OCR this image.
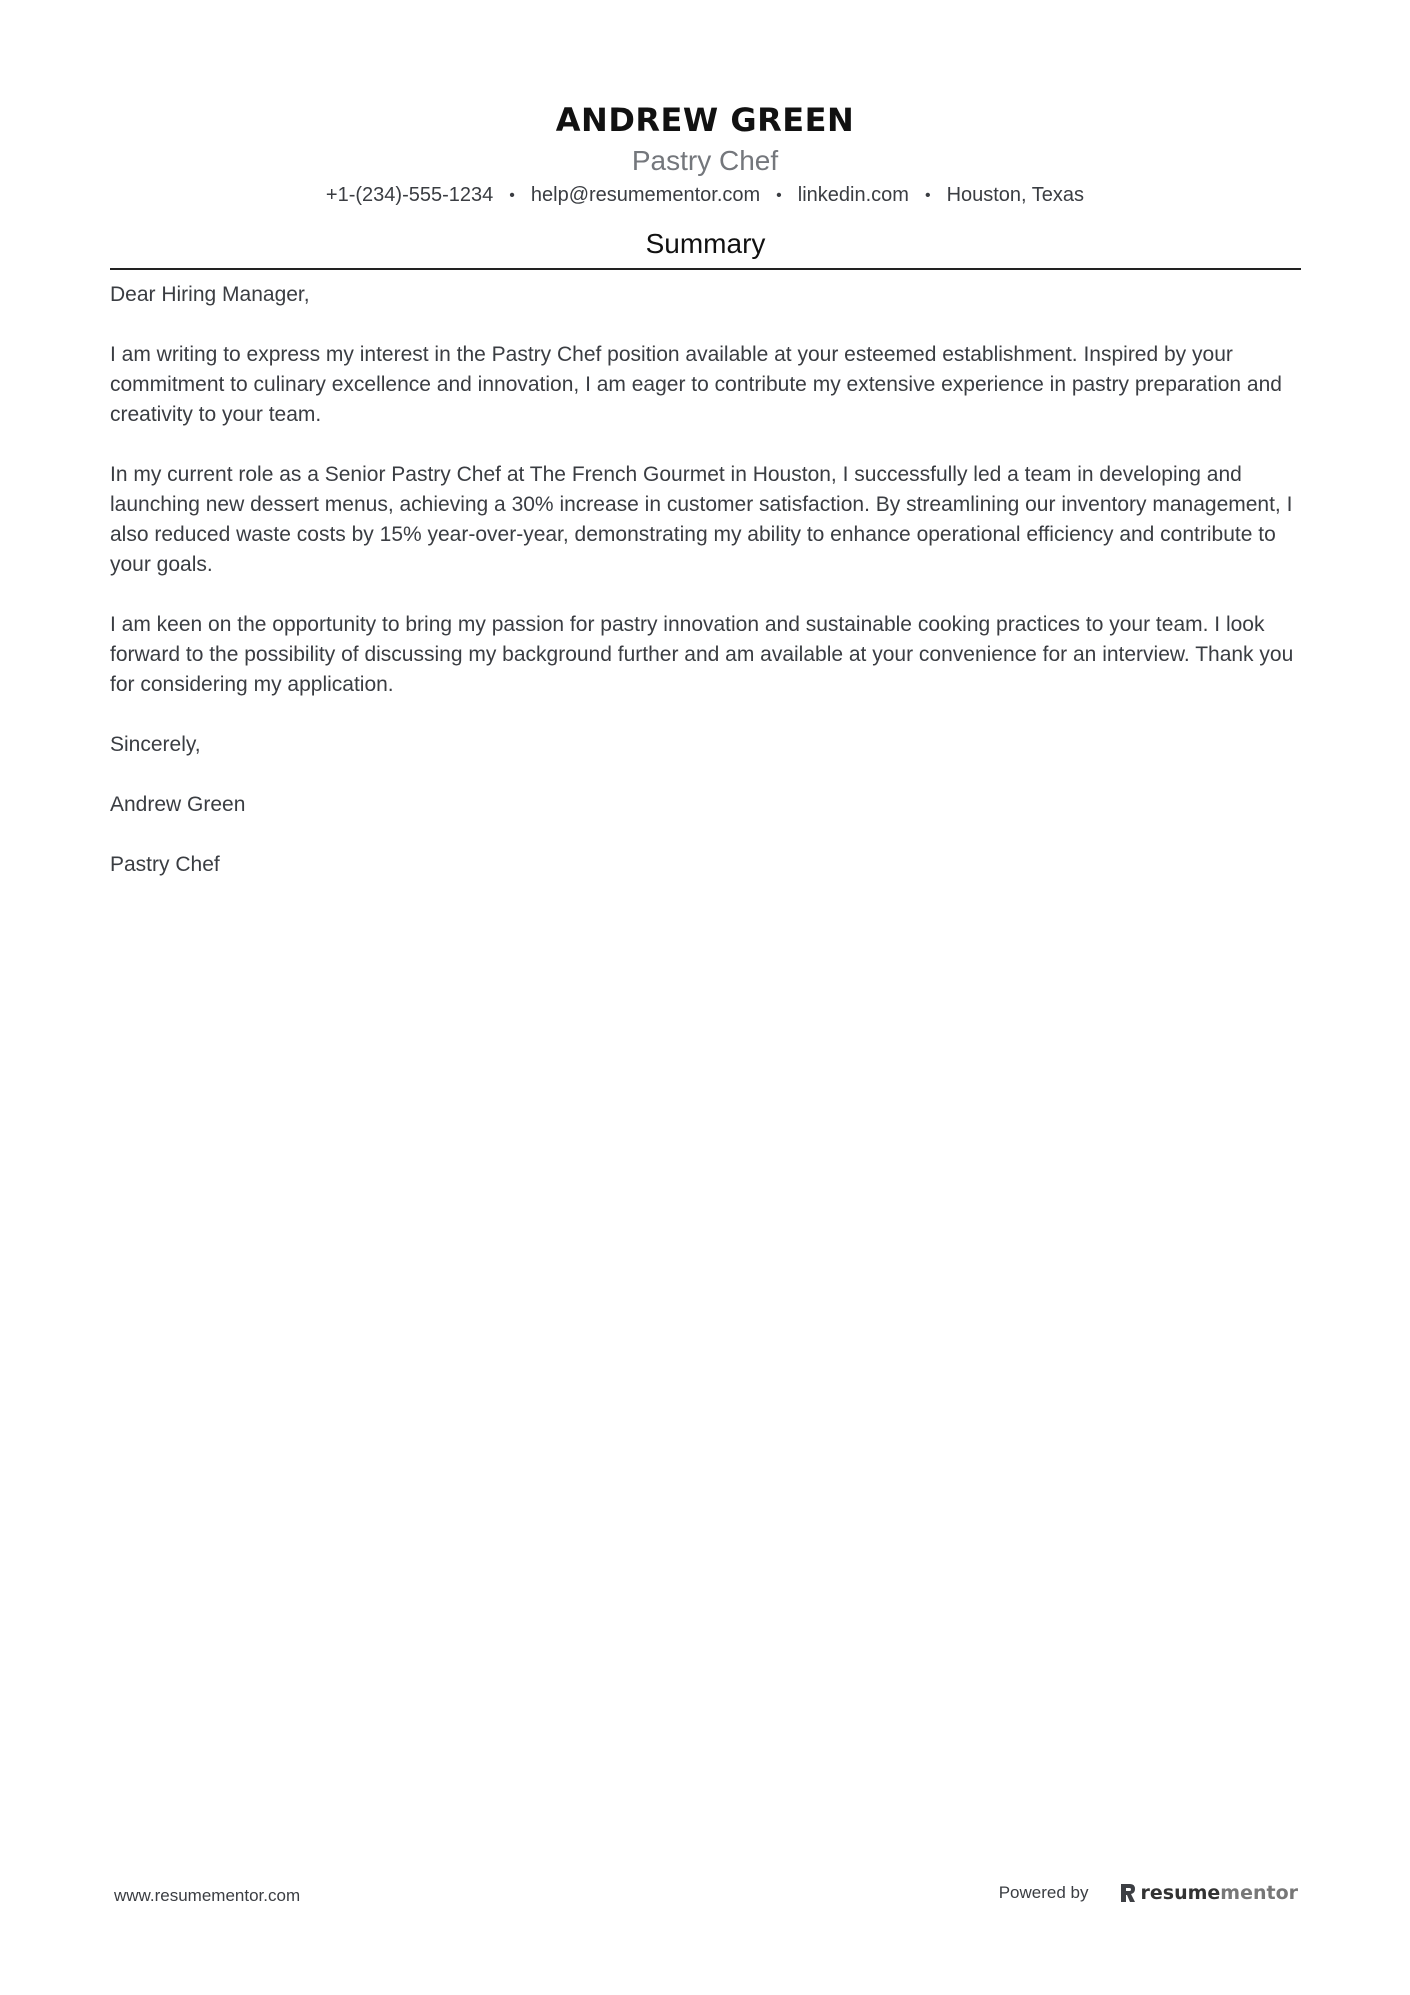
ANDREW GREEN

Pastry Chef

+1-(234)-555-1234 • help@resumementor.com • linkedin.com • Houston, Texas
Summary

Dear Hiring Manager,

I am writing to express my interest in the Pastry Chef position available at your esteemed establishment. Inspired by your commitment to culinary excellence and innovation, I am eager to contribute my extensive experience in pastry preparation and creativity to your team.

In my current role as a Senior Pastry Chef at The French Gourmet in Houston, I successfully led a team in developing and launching new dessert menus, achieving a 30% increase in customer satisfaction. By streamlining our inventory management, I also reduced waste costs by 15% year-over-year, demonstrating my ability to enhance operational efficiency and contribute to your goals.

I am keen on the opportunity to bring my passion for pastry innovation and sustainable cooking practices to your team. I look forward to the possibility of discussing my background further and am available at your convenience for an interview. Thank you for considering my application.

Sincerely,

Andrew Green

Pastry Chef

www.resumementor.com	Powered by	resume mentor
